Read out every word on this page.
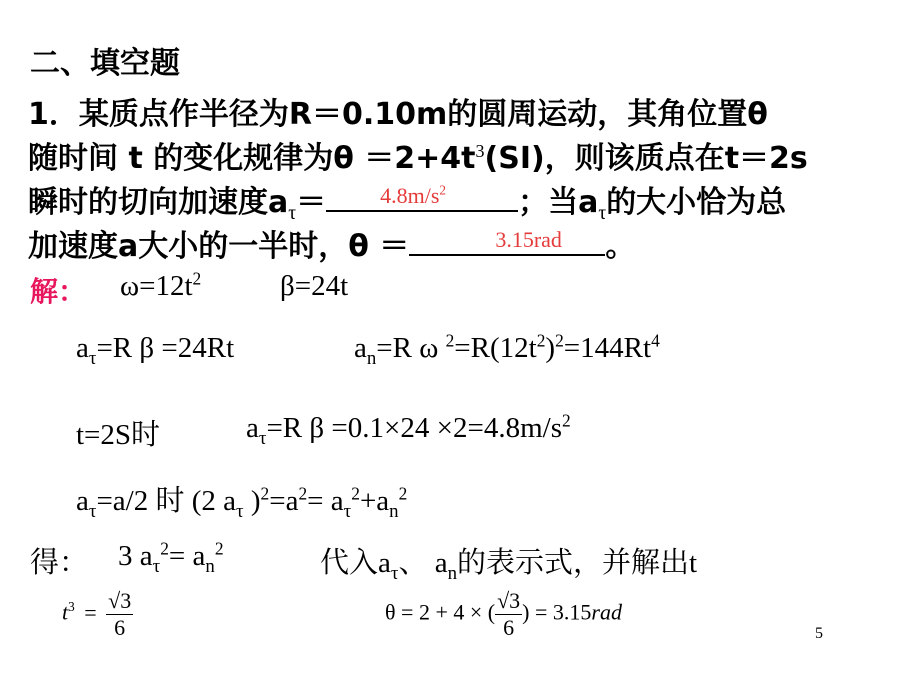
二、填空题
1．某质点作半径为R＝0.10m的圆周运动，其角位置θ
随时间 t 的变化规律为$\theta =2+4t^3(SI)$，则该质点在t＝2s
瞬时的切向加速度$a_\tau= 4.8m/s^2$ ；当$a_\tau$的大小恰为总
加速度a大小的一半时，θ ＝	3.15rad 。
解： $\omega=12t^2$	β=24t
$a_\tau=R$ β =24Rt	$a_n=R$ ω $^2=R(12t^2)^2=144Rt^4$
t=2S时	$a_\tau=R$ $\beta =0.1\times 24 \times 2=4.8m/s^2$
$a_\tau=a/2$ 时 (2 $a_\tau$ )$^2=a^2= a_\tau^2+a_n^2$
得： 3 $a_\tau^2= a_n^2$	代入$a_\tau$、 $a_n$的表示式，并解出t
$t^3 = \frac{√3}{6}$	θ = 2 + 4 × ( $\frac{√3}{6}$ ) = 3.15rad
5
